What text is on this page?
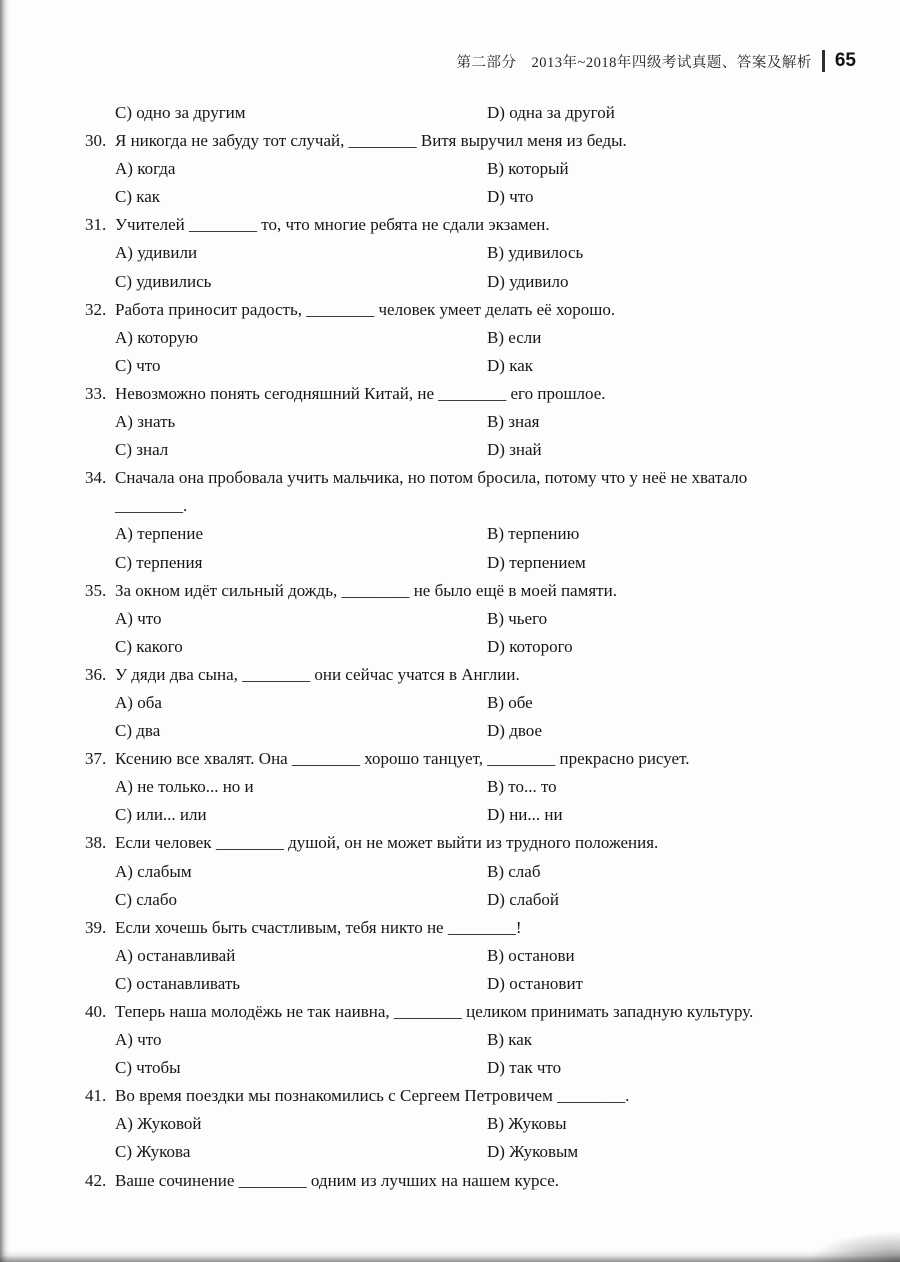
第二部分　2013年~2018年四级考试真题、答案及解析 65
C) одно за другим	D) одна за другой
30. Я никогда не забуду тот случай, ________ Витя выручил меня из беды.
A) когда	B) который
C) как	D) что
31. Учителей ________ то, что многие ребята не сдали экзамен.
A) удивили	B) удивилось
C) удивились	D) удивило
32. Работа приносит радость, ________ человек умеет делать её хорошо.
A) которую	B) если
C) что	D) как
33. Невозможно понять сегодняшний Китай, не ________ его прошлое.
A) знать	B) зная
C) знал	D) знай
34. Сначала она пробовала учить мальчика, но потом бросила, потому что у неё не хватало
________.
A) терпение	B) терпению
C) терпения	D) терпением
35. За окном идёт сильный дождь, ________ не было ещё в моей памяти.
A) что	B) чьего
C) какого	D) которого
36. У дяди два сына, ________ они сейчас учатся в Англии.
A) оба	B) обе
C) два	D) двое
37. Ксению все хвалят. Она ________ хорошо танцует, ________ прекрасно рисует.
A) не только... но и	B) то... то
C) или... или	D) ни... ни
38. Если человек ________ душой, он не может выйти из трудного положения.
A) слабым	B) слаб
C) слабо	D) слабой
39. Если хочешь быть счастливым, тебя никто не ________!
A) останавливай	B) останови
C) останавливать	D) остановит
40. Теперь наша молодёжь не так наивна, ________ целиком принимать западную культуру.
A) что	B) как
C) чтобы	D) так что
41. Во время поездки мы познакомились с Сергеем Петровичем ________.
A) Жуковой	B) Жуковы
C) Жукова	D) Жуковым
42. Ваше сочинение ________ одним из лучших на нашем курсе.
